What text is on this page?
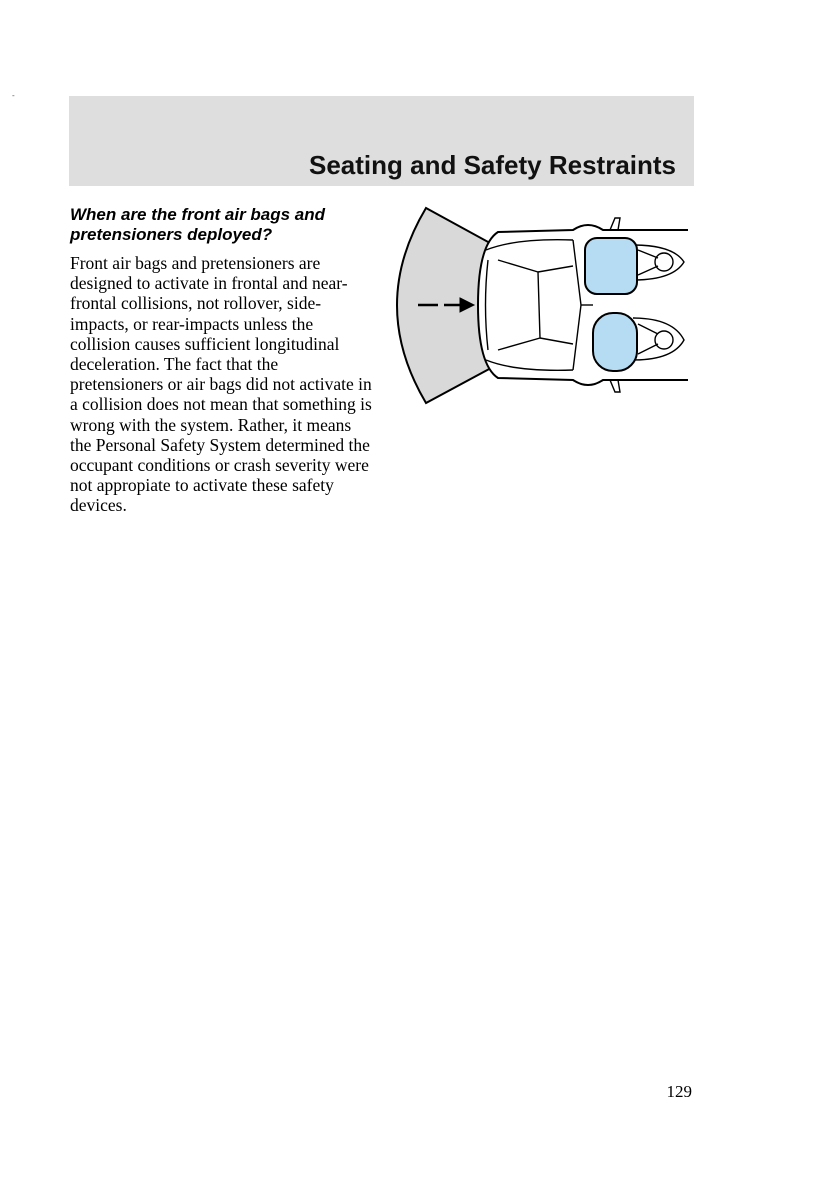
-
Seating and Safety Restraints
When are the front air bags and pretensioners deployed?

Front air bags and pretensioners are designed to activate in frontal and near-frontal collisions, not rollover, side-impacts, or rear-impacts unless the collision causes sufficient longitudinal deceleration. The fact that the pretensioners or air bags did not activate in a collision does not mean that something is wrong with the system. Rather, it means the Personal Safety System determined the occupant conditions or crash severity were not appropiate to activate these safety devices.

129
